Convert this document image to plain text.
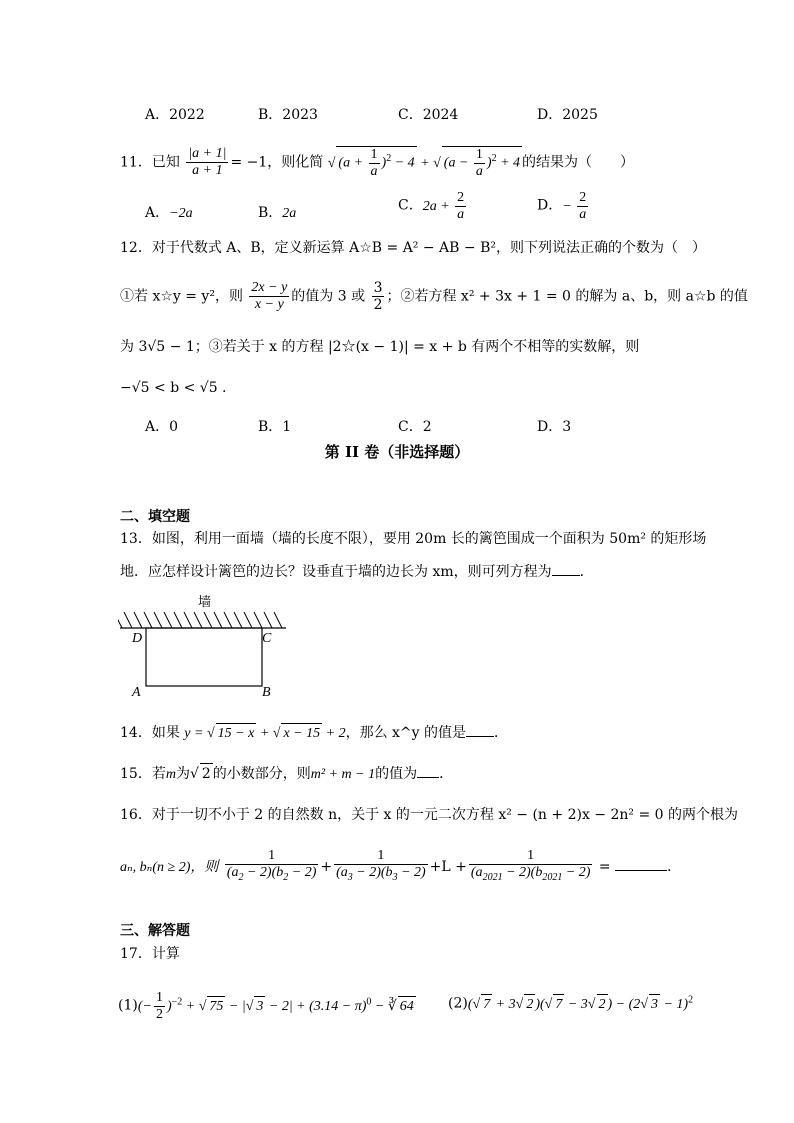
A．2022	B．2023	C．2024	D．2025
11．已知 $\frac{|a + 1|}{a + 1} = -1$，则化简 √ $(a + \frac{1}{a} )^2 - 4$ + √ $(a - \frac{1}{a} )^2 + 4$ 的结果为（　　）
A．−2a	B．2a	C．$2a + \frac{2}{a}$	D．− $\frac{2}{a}$
12．对于代数式 A、B，定义新运算 A☆B = A² − AB − B²，则下列说法正确的个数为（　）
①若 x☆y = y²，则 $\frac{2x - y}{x - y}$ 的值为 3 或 $\frac{3}{2}$ ；②若方程 x² + 3x + 1 = 0 的解为 a、b，则 a☆b 的值
为 3√5 − 1；③若关于 x 的方程 |2☆(x − 1)| = x + b 有两个不相等的实数解，则
−√5 < b < √5 .
A．0	B．1	C．2	D．3
第 II 卷（非选择题）
二、填空题
13．如图，利用一面墙（墙的长度不限），要用 20m 长的篱笆围成一个面积为 50m² 的矩形场
地．应怎样设计篱笆的边长？设垂直于墙的边长为 xm，则可列方程为 ．
墙
D	C
A	B
14．如果 y = √ 15 − x + √ x − 15 + 2，那么 x^y 的值是 ．
15．若m为√ 2 的小数部分，则m² + m − 1的值为 ．
16．对于一切不小于 2 的自然数 n，关于 x 的一元二次方程 x² − (n + 2)x − 2n² = 0 的两个根为
aₙ, bₙ(n ≥ 2)，则 $\frac{1}{(a_2 - 2)(b_2 - 2)} + \frac{1}{(a_3 - 2)(b_3 - 2)} +L + \frac{1}{(a_{2021} - 2)(b_{2021} - 2)}$ =	．
三、解答题
17．计算
$(1)(- \frac{1}{2} )^{-2}$ + √ 75 − |√ $3 - 2| + (3.14 - \pi)^0$ − ∛ 64 (2)(√ 7 + 3√ 2 )(√ 7 − 3√ 2 ) − (2√ 3 − 1)$^2$
